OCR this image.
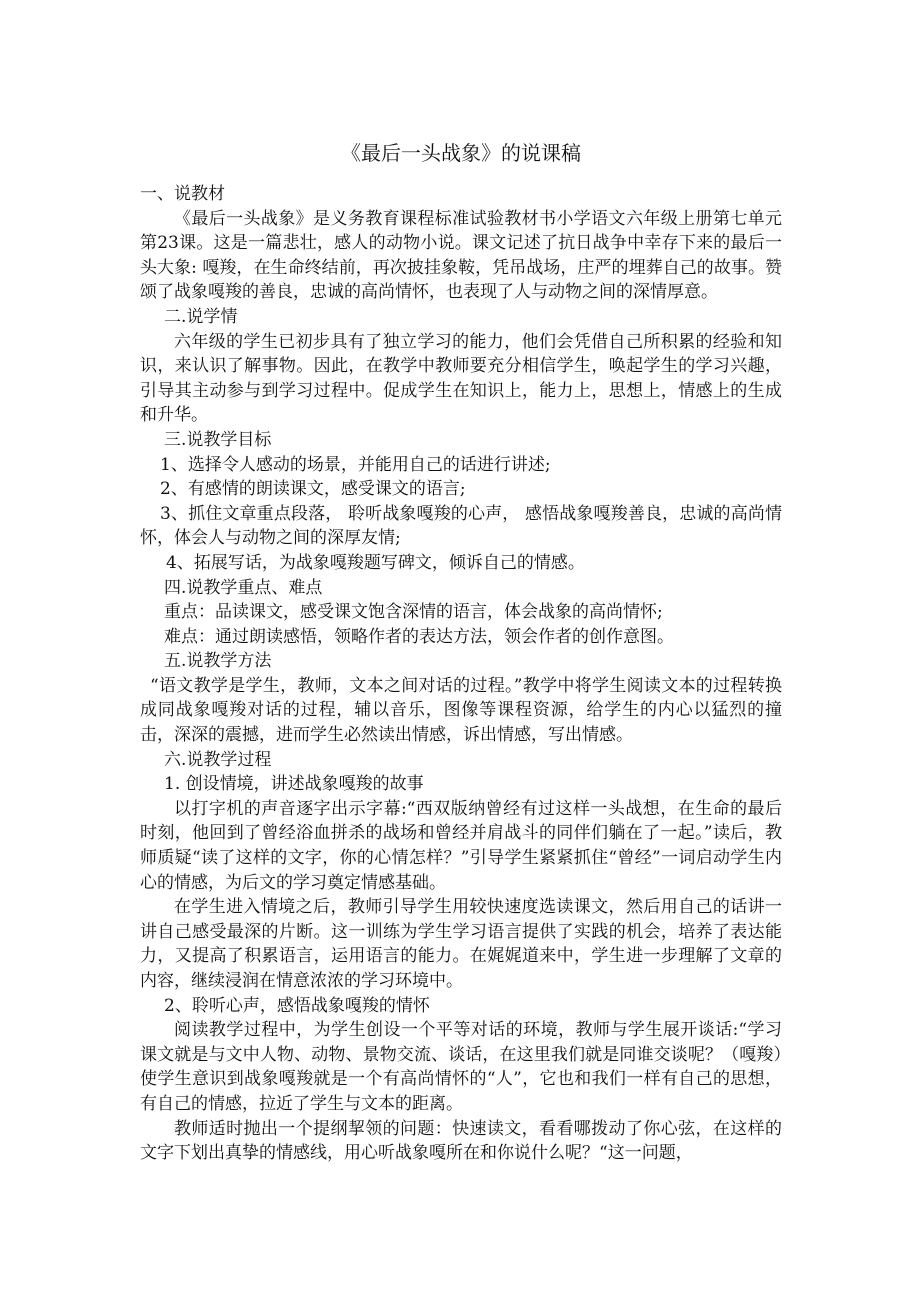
《最后一头战象》的说课稿

一、说教材

《最后一头战象》是义务教育课程标准试验教材书小学语文六年级上册第七单元第23课。这是一篇悲壮，感人的动物小说。课文记述了抗日战争中幸存下来的最后一头大象: 嘎羧，在生命终结前，再次披挂象鞍，凭吊战场，庄严的埋葬自己的故事。赞颂了战象嘎羧的善良，忠诚的高尚情怀，也表现了人与动物之间的深情厚意。

二.说学情

六年级的学生已初步具有了独立学习的能力，他们会凭借自己所积累的经验和知识，来认识了解事物。因此，在教学中教师要充分相信学生，唤起学生的学习兴趣，引导其主动参与到学习过程中。促成学生在知识上，能力上，思想上，情感上的生成和升华。

三.说教学目标

1、选择令人感动的场景，并能用自己的话进行讲述;

2、有感情的朗读课文，感受课文的语言;

3、抓住文章重点段落， 聆听战象嘎羧的心声， 感悟战象嘎羧善良，忠诚的高尚情怀，体会人与动物之间的深厚友情;

4、拓展写话，为战象嘎羧题写碑文，倾诉自己的情感。

四.说教学重点、难点

重点：品读课文，感受课文饱含深情的语言，体会战象的高尚情怀;

难点：通过朗读感悟，领略作者的表达方法，领会作者的创作意图。

五.说教学方法

“语文教学是学生，教师，文本之间对话的过程。”教学中将学生阅读文本的过程转换成同战象嘎羧对话的过程，辅以音乐，图像等课程资源，给学生的内心以猛烈的撞击，深深的震撼，进而学生必然读出情感，诉出情感，写出情感。

六.说教学过程

1. 创设情境，讲述战象嘎羧的故事

以打字机的声音逐字出示字幕:“西双版纳曾经有过这样一头战想，在生命的最后时刻，他回到了曾经浴血拼杀的战场和曾经并肩战斗的同伴们躺在了一起。”读后，教师质疑“读了这样的文字，你的心情怎样？”引导学生紧紧抓住“曾经”一词启动学生内心的情感，为后文的学习奠定情感基础。

在学生进入情境之后，教师引导学生用较快速度选读课文，然后用自己的话讲一讲自己感受最深的片断。这一训练为学生学习语言提供了实践的机会，培养了表达能力，又提高了积累语言，运用语言的能力。在娓娓道来中，学生进一步理解了文章的内容，继续浸润在情意浓浓的学习环境中。

2、聆听心声，感悟战象嘎羧的情怀

阅读教学过程中，为学生创设一个平等对话的环境，教师与学生展开谈话:“学习课文就是与文中人物、动物、景物交流、谈话，在这里我们就是同谁交谈呢？（嘎羧）使学生意识到战象嘎羧就是一个有高尚情怀的“人”，它也和我们一样有自己的思想，有自己的情感，拉近了学生与文本的距离。

教师适时抛出一个提纲挈领的问题：快速读文，看看哪拨动了你心弦，在这样的文字下划出真挚的情感线，用心听战象嘎所在和你说什么呢？“这一问题，
